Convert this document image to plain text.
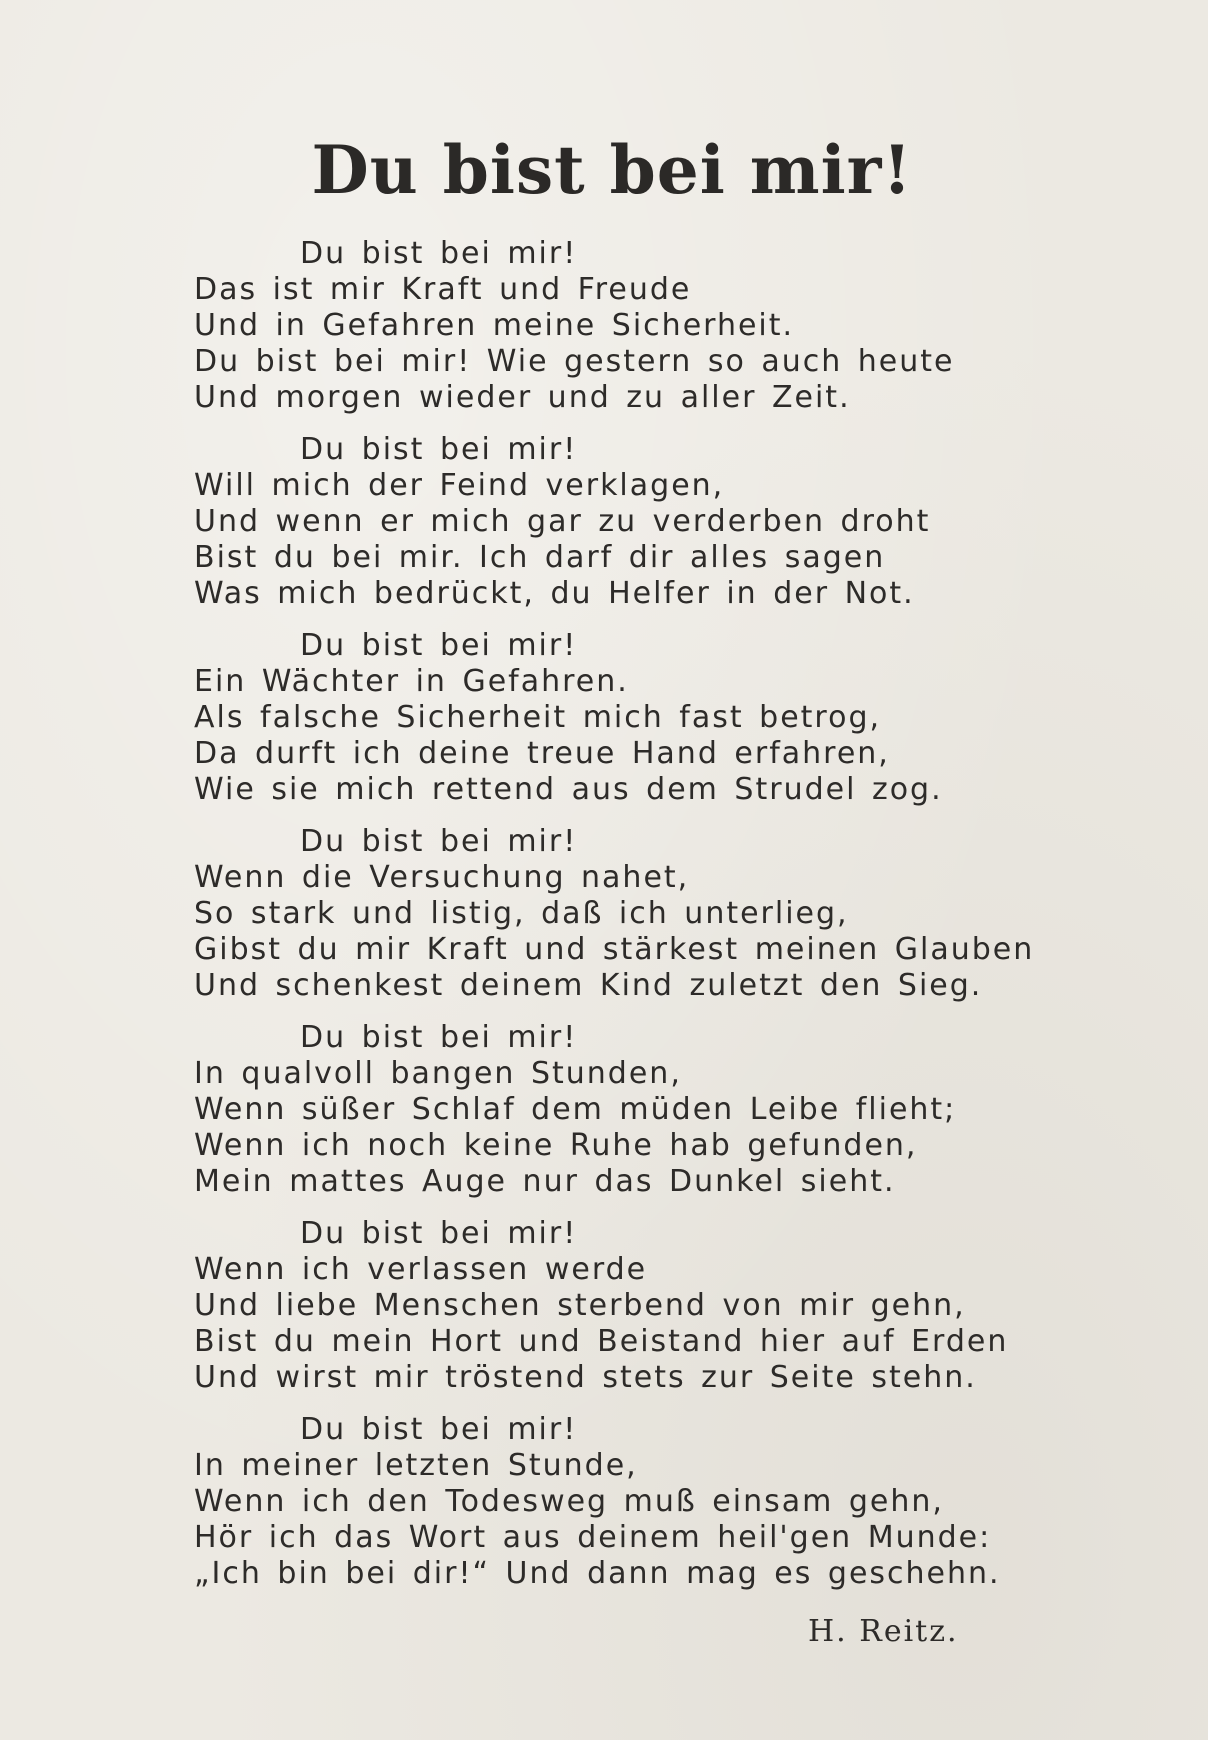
Du bist bei mir!
Du bist bei mir!
Das ist mir Kraft und Freude
Und in Gefahren meine Sicherheit.
Du bist bei mir! Wie gestern so auch heute
Und morgen wieder und zu aller Zeit.
Du bist bei mir!
Will mich der Feind verklagen,
Und wenn er mich gar zu verderben droht
Bist du bei mir. Ich darf dir alles sagen
Was mich bedrückt, du Helfer in der Not.
Du bist bei mir!
Ein Wächter in Gefahren.
Als falsche Sicherheit mich fast betrog,
Da durft ich deine treue Hand erfahren,
Wie sie mich rettend aus dem Strudel zog.
Du bist bei mir!
Wenn die Versuchung nahet,
So stark und listig, daß ich unterlieg,
Gibst du mir Kraft und stärkest meinen Glauben
Und schenkest deinem Kind zuletzt den Sieg.
Du bist bei mir!
In qualvoll bangen Stunden,
Wenn süßer Schlaf dem müden Leibe flieht;
Wenn ich noch keine Ruhe hab gefunden,
Mein mattes Auge nur das Dunkel sieht.
Du bist bei mir!
Wenn ich verlassen werde
Und liebe Menschen sterbend von mir gehn,
Bist du mein Hort und Beistand hier auf Erden
Und wirst mir tröstend stets zur Seite stehn.
Du bist bei mir!
In meiner letzten Stunde,
Wenn ich den Todesweg muß einsam gehn,
Hör ich das Wort aus deinem heil'gen Munde:
„Ich bin bei dir!“ Und dann mag es geschehn.
H. Reitz.
